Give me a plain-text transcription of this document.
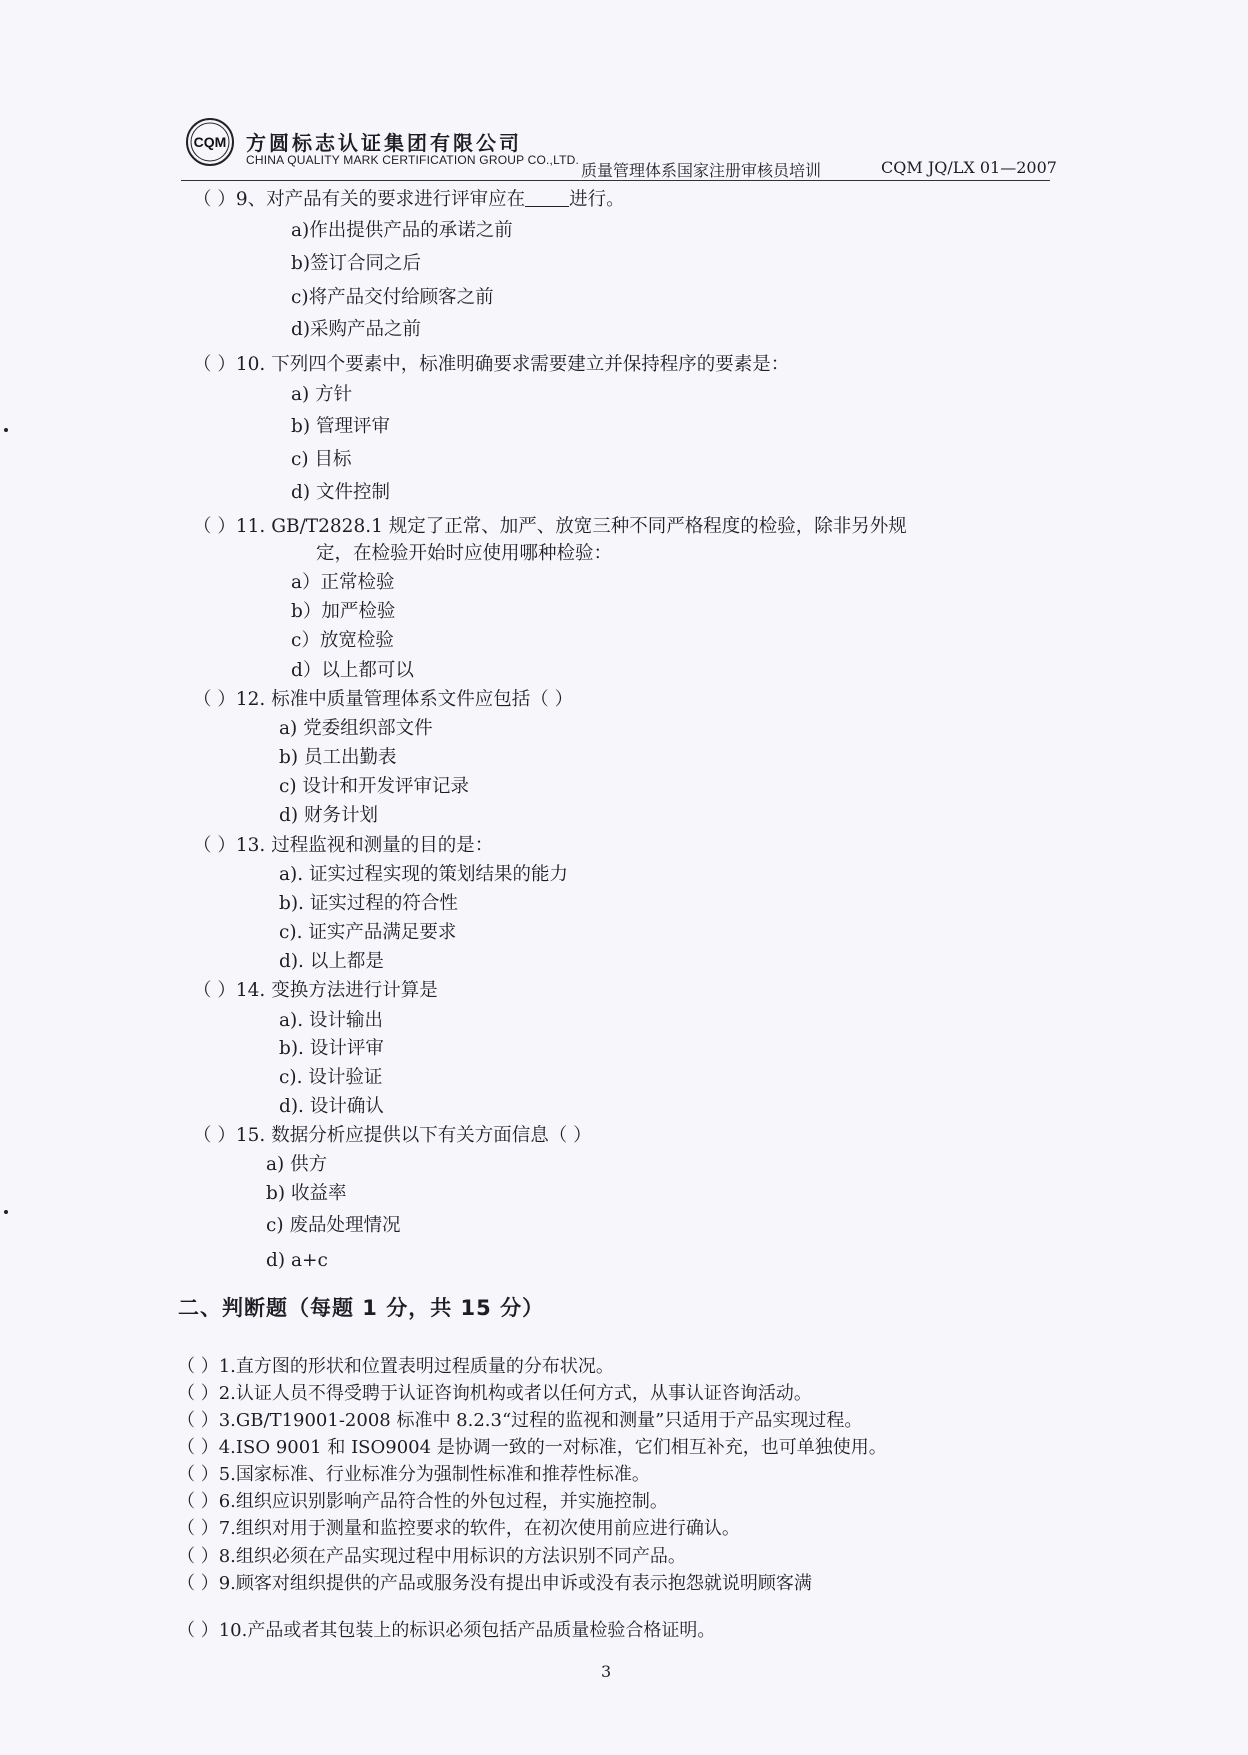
CQM 方圆标志认证集团有限公司
CHINA QUALITY MARK CERTIFICATION GROUP CO.,LTD.
质量管理体系国家注册审核员培训	CQM JQ/LX 01—2007
（ ）9、对产品有关的要求进行评审应在 进行。
a)作出提供产品的承诺之前
b)签订合同之后
c)将产品交付给顾客之前
d)采购产品之前
（ ）10. 下列四个要素中，标准明确要求需要建立并保持程序的要素是：
a) 方针
b) 管理评审
c) 目标
d) 文件控制
（ ）11. GB/T2828.1 规定了正常、加严、放宽三种不同严格程度的检验，除非另外规
定，在检验开始时应使用哪种检验：
a）正常检验
b）加严检验
c）放宽检验
d）以上都可以
（ ）12. 标准中质量管理体系文件应包括（ ）
a) 党委组织部文件
b) 员工出勤表
c) 设计和开发评审记录
d) 财务计划
（ ）13. 过程监视和测量的目的是：
a). 证实过程实现的策划结果的能力
b). 证实过程的符合性
c). 证实产品满足要求
d). 以上都是
（ ）14. 变换方法进行计算是
a). 设计输出
b). 设计评审
c). 设计验证
d). 设计确认
（ ）15. 数据分析应提供以下有关方面信息（ ）
a) 供方
b) 收益率
c) 废品处理情况
d) a+c
二、判断题（每题 1 分，共 15 分）
（ ）1.直方图的形状和位置表明过程质量的分布状况。
（ ）2.认证人员不得受聘于认证咨询机构或者以任何方式，从事认证咨询活动。
（ ）3.GB/T19001-2008 标准中 8.2.3“过程的监视和测量”只适用于产品实现过程。
（ ）4.ISO 9001 和 ISO9004 是协调一致的一对标准，它们相互补充，也可单独使用。
（ ）5.国家标准、行业标准分为强制性标准和推荐性标准。
（ ）6.组织应识别影响产品符合性的外包过程，并实施控制。
（ ）7.组织对用于测量和监控要求的软件，在初次使用前应进行确认。
（ ）8.组织必须在产品实现过程中用标识的方法识别不同产品。
（ ）9.顾客对组织提供的产品或服务没有提出申诉或没有表示抱怨就说明顾客满
（ ）10.产品或者其包装上的标识必须包括产品质量检验合格证明。
3
